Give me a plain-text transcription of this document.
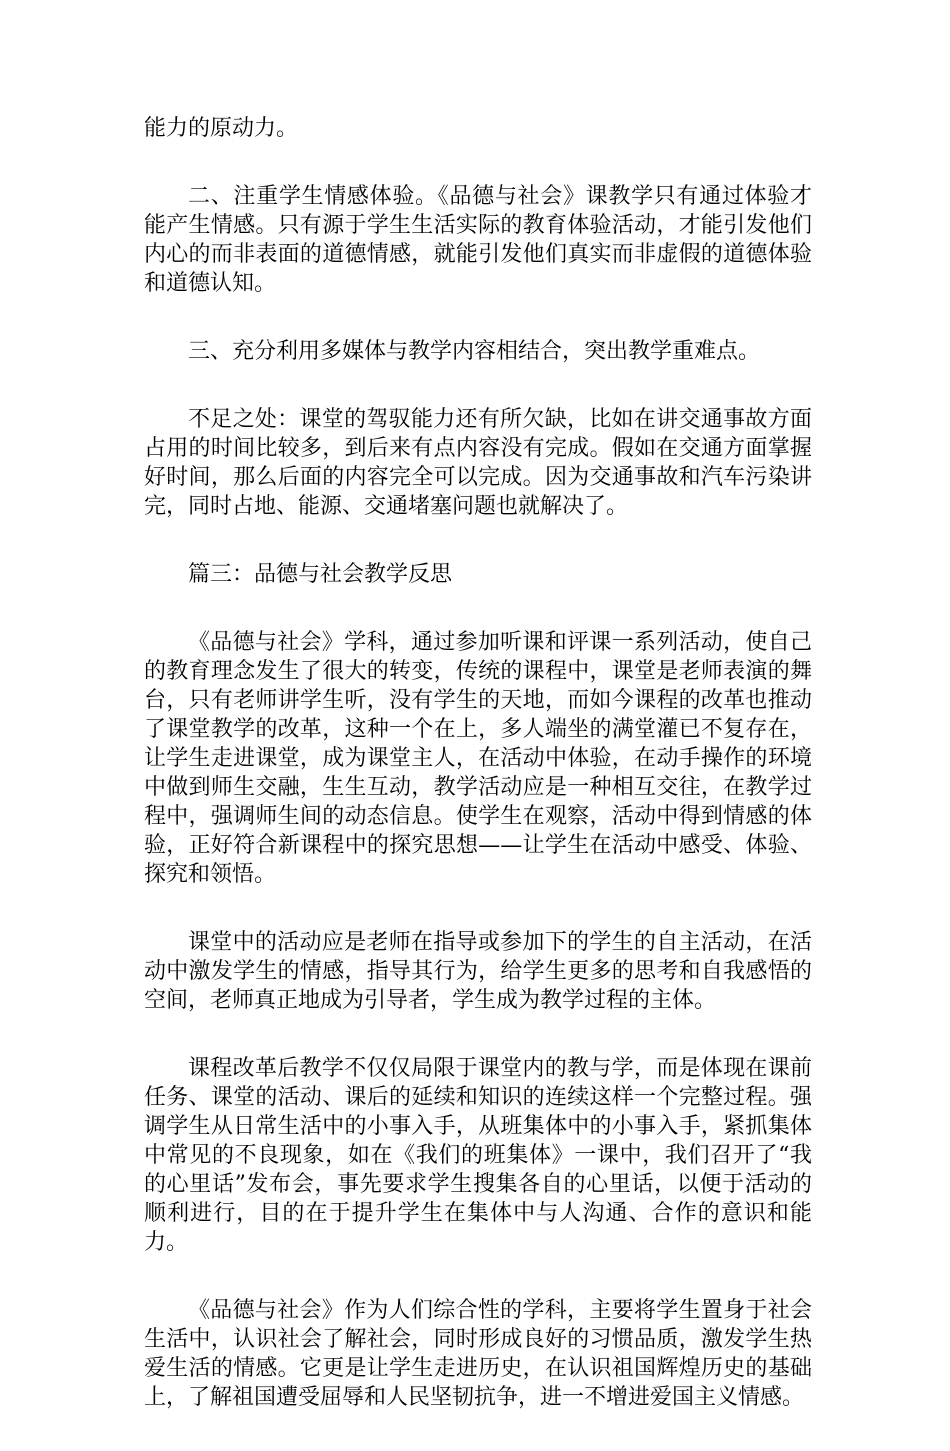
能力的原动力。

二、注重学生情感体验。《品德与社会》课教学只有通过体验才能产生情感。只有源于学生生活实际的教育体验活动，才能引发他们内心的而非表面的道德情感，就能引发他们真实而非虚假的道德体验和道德认知。

三、充分利用多媒体与教学内容相结合，突出教学重难点。

不足之处：课堂的驾驭能力还有所欠缺，比如在讲交通事故方面占用的时间比较多，到后来有点内容没有完成。假如在交通方面掌握好时间，那么后面的内容完全可以完成。因为交通事故和汽车污染讲完，同时占地、能源、交通堵塞问题也就解决了。

篇三：品德与社会教学反思

《品德与社会》学科，通过参加听课和评课一系列活动，使自己的教育理念发生了很大的转变，传统的课程中，课堂是老师表演的舞台，只有老师讲学生听，没有学生的天地，而如今课程的改革也推动了课堂教学的改革，这种一个在上，多人端坐的满堂灌已不复存在，让学生走进课堂，成为课堂主人，在活动中体验，在动手操作的环境中做到师生交融，生生互动，教学活动应是一种相互交往，在教学过程中，强调师生间的动态信息。使学生在观察，活动中得到情感的体验，正好符合新课程中的探究思想——让学生在活动中感受、体验、探究和领悟。

课堂中的活动应是老师在指导或参加下的学生的自主活动，在活动中激发学生的情感，指导其行为，给学生更多的思考和自我感悟的空间，老师真正地成为引导者，学生成为教学过程的主体。

课程改革后教学不仅仅局限于课堂内的教与学，而是体现在课前任务、课堂的活动、课后的延续和知识的连续这样一个完整过程。强调学生从日常生活中的小事入手，从班集体中的小事入手，紧抓集体中常见的不良现象，如在《我们的班集体》一课中，我们召开了“我的心里话”发布会，事先要求学生搜集各自的心里话，以便于活动的顺利进行，目的在于提升学生在集体中与人沟通、合作的意识和能力。

《品德与社会》作为人们综合性的学科，主要将学生置身于社会生活中，认识社会了解社会，同时形成良好的习惯品质，激发学生热爱生活的情感。它更是让学生走进历史，在认识祖国辉煌历史的基础上，了解祖国遭受屈辱和人民坚韧抗争，进一不增进爱国主义情感。
